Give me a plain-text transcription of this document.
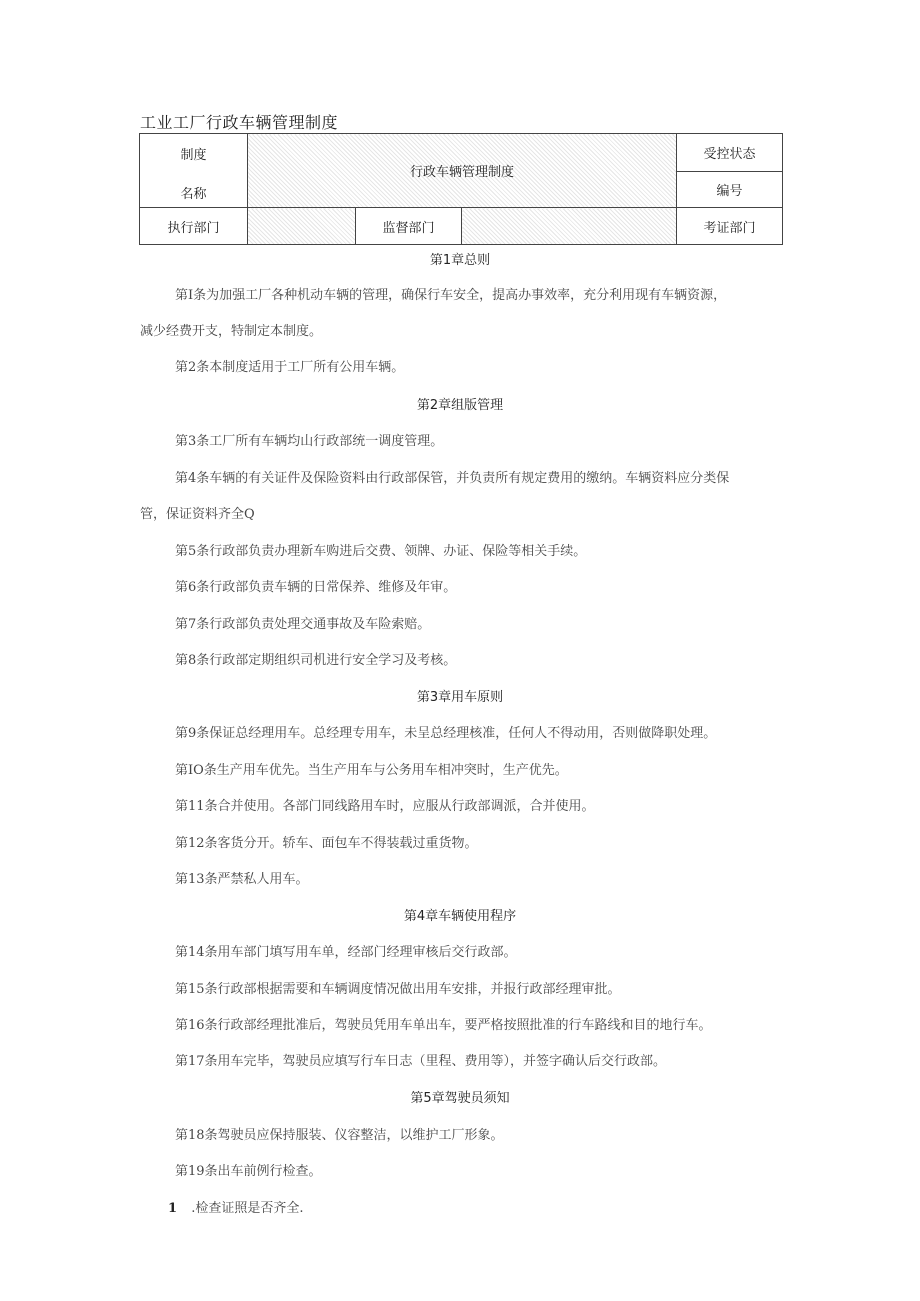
工业工厂行政车辆管理制度
制度
名称	行政车辆管理制度			受控状态	
				编号	
执行部门		监督部门		考证部门	
第1章总则
第I条为加强工厂各种机动车辆的管理，确保行车安全，提高办事效率，充分利用现有车辆资源，
减少经费开支，特制定本制度。
第2条本制度适用于工厂所有公用车辆。
第2章组版管理
第3条工厂所有车辆均山行政部统一调度管理。
第4条车辆的有关证件及保险资料由行政部保管，并负责所有规定费用的缴纳。车辆资料应分类保
管，保证资料齐全Q
第5条行政部负责办理新车购进后交费、领牌、办证、保险等相关手续。
第6条行政部负责车辆的日常保养、维修及年审。
第7条行政部负责处理交通事故及车险索赔。
第8条行政部定期组织司机进行安全学习及考核。
第3章用车原则
第9条保证总经理用车。总经理专用车，未呈总经理核准，任何人不得动用，否则做降职处理。
第IO条生产用车优先。当生产用车与公务用车相冲突时，生产优先。
第11条合并使用。各部门同线路用车时，应服从行政部调派，合并使用。
第12条客货分开。轿车、面包车不得装载过重货物。
第13条严禁私人用车。
第4章车辆使用程序
第14条用车部门填写用车单，经部门经理审核后交行政部。
第15条行政部根据需要和车辆调度情况做出用车安排，并报行政部经理审批。
第16条行政部经理批准后，驾驶员凭用车单出车，要严格按照批准的行车路线和目的地行车。
第17条用车完毕，驾驶员应填写行车日志（里程、费用等），并签字确认后交行政部。
第5章驾驶员须知
第18条驾驶员应保持服装、仪容整洁，以维护工厂形象。
第19条出车前例行检查。
1 .检查证照是否齐全.
